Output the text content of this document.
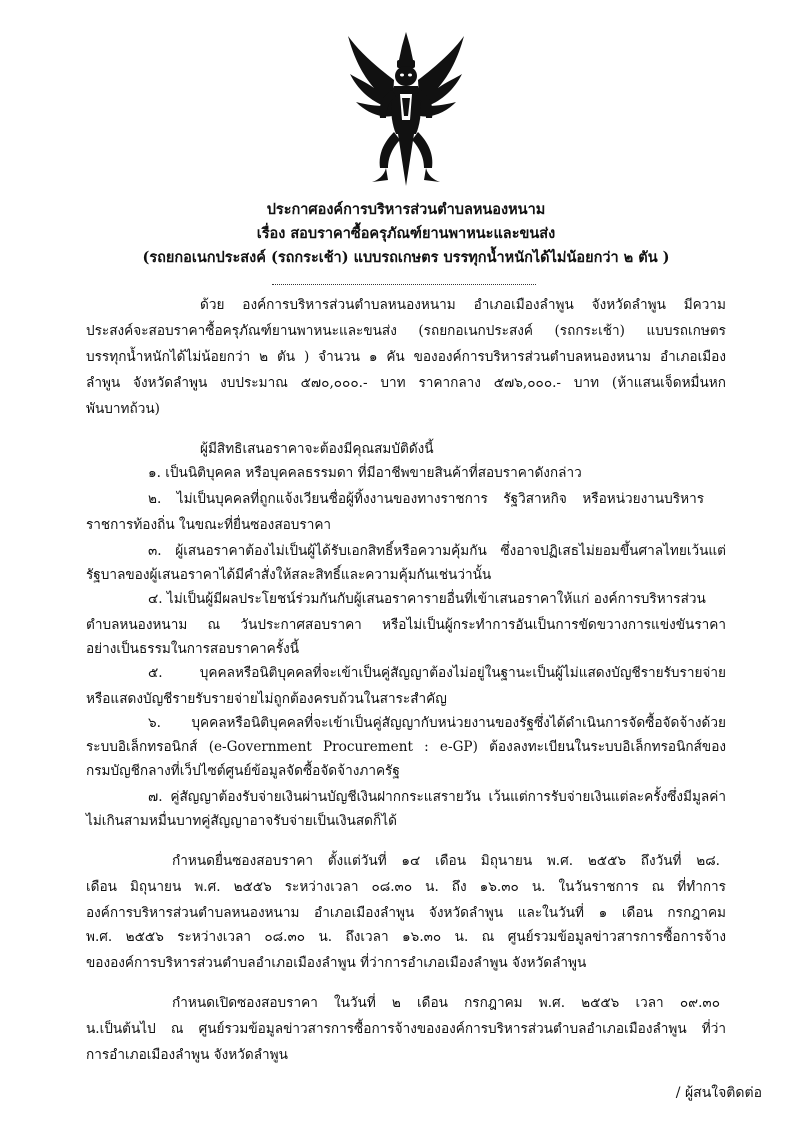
ประกาศองค์การบริหารส่วนตำบลหนองหนาม
เรื่อง สอบราคาซื้อครุภัณฑ์ยานพาหนะและขนส่ง
(รถยกอเนกประสงค์ (รถกระเช้า) แบบรถเกษตร บรรทุกน้ำหนักได้ไม่น้อยกว่า ๒ ตัน )
ด้วย องค์การบริหารส่วนตำบลหนองหนาม อำเภอเมืองลำพูน จังหวัดลำพูน มีความ
ประสงค์จะสอบราคาซื้อครุภัณฑ์ยานพาหนะและขนส่ง (รถยกอเนกประสงค์ (รถกระเช้า) แบบรถเกษตร
บรรทุกน้ำหนักได้ไม่น้อยกว่า ๒ ตัน ) จำนวน ๑ คัน ขององค์การบริหารส่วนตำบลหนองหนาม อำเภอเมือง
ลำพูน จังหวัดลำพูน งบประมาณ ๕๗๐,๐๐๐.- บาท ราคากลาง ๕๗๖,๐๐๐.- บาท (ห้าแสนเจ็ดหมื่นหก
พันบาทถ้วน)
ผู้มีสิทธิเสนอราคาจะต้องมีคุณสมบัติดังนี้
๑. เป็นนิติบุคคล หรือบุคคลธรรมดา ที่มีอาชีพขายสินค้าที่สอบราคาดังกล่าว
๒. ไม่เป็นบุคคลที่ถูกแจ้งเวียนชื่อผู้ทิ้งงานของทางราชการ รัฐวิสาหกิจ หรือหน่วยงานบริหาร
ราชการท้องถิ่น ในขณะที่ยื่นซองสอบราคา
๓. ผู้เสนอราคาต้องไม่เป็นผู้ได้รับเอกสิทธิ์หรือความคุ้มกัน ซึ่งอาจปฏิเสธไม่ยอมขึ้นศาลไทยเว้นแต่
รัฐบาลของผู้เสนอราคาได้มีคำสั่งให้สละสิทธิ์และความคุ้มกันเช่นว่านั้น
๔. ไม่เป็นผู้มีผลประโยชน์ร่วมกันกับผู้เสนอราคารายอื่นที่เข้าเสนอราคาให้แก่ องค์การบริหารส่วน
ตำบลหนองหนาม ณ วันประกาศสอบราคา หรือไม่เป็นผู้กระทำการอันเป็นการขัดขวางการแข่งขันราคา
อย่างเป็นธรรมในการสอบราคาครั้งนี้
๕. บุคคลหรือนิติบุคคลที่จะเข้าเป็นคู่สัญญาต้องไม่อยู่ในฐานะเป็นผู้ไม่แสดงบัญชีรายรับรายจ่าย
หรือแสดงบัญชีรายรับรายจ่ายไม่ถูกต้องครบถ้วนในสาระสำคัญ
๖. บุคคลหรือนิติบุคคลที่จะเข้าเป็นคู่สัญญากับหน่วยงานของรัฐซึ่งได้ดำเนินการจัดซื้อจัดจ้างด้วย
ระบบอิเล็กทรอนิกส์ (e-Government Procurement : e-GP) ต้องลงทะเบียนในระบบอิเล็กทรอนิกส์ของ
กรมบัญชีกลางที่เว็ปไซต์ศูนย์ข้อมูลจัดซื้อจัดจ้างภาครัฐ
๗. คู่สัญญาต้องรับจ่ายเงินผ่านบัญชีเงินฝากกระแสรายวัน เว้นแต่การรับจ่ายเงินแต่ละครั้งซึ่งมีมูลค่า
ไม่เกินสามหมื่นบาทคู่สัญญาอาจรับจ่ายเป็นเงินสดก็ได้
กำหนดยื่นซองสอบราคา ตั้งแต่วันที่ ๑๔ เดือน มิถุนายน พ.ศ. ๒๕๕๖ ถึงวันที่ ๒๘.
เดือน มิถุนายน พ.ศ. ๒๕๕๖ ระหว่างเวลา ๐๘.๓๐ น. ถึง ๑๖.๓๐ น. ในวันราชการ ณ ที่ทำการ
องค์การบริหารส่วนตำบลหนองหนาม อำเภอเมืองลำพูน จังหวัดลำพูน และในวันที่ ๑ เดือน กรกฎาคม
พ.ศ. ๒๕๕๖ ระหว่างเวลา ๐๘.๓๐ น. ถึงเวลา ๑๖.๓๐ น. ณ ศูนย์รวมข้อมูลข่าวสารการซื้อการจ้าง
ขององค์การบริหารส่วนตำบลอำเภอเมืองลำพูน ที่ว่าการอำเภอเมืองลำพูน จังหวัดลำพูน
กำหนดเปิดซองสอบราคา ในวันที่ ๒ เดือน กรกฎาคม พ.ศ. ๒๕๕๖ เวลา ๐๙.๓๐
น.เป็นต้นไป ณ ศูนย์รวมข้อมูลข่าวสารการซื้อการจ้างขององค์การบริหารส่วนตำบลอำเภอเมืองลำพูน ที่ว่า
การอำเภอเมืองลำพูน จังหวัดลำพูน
/ ผู้สนใจติดต่อ
